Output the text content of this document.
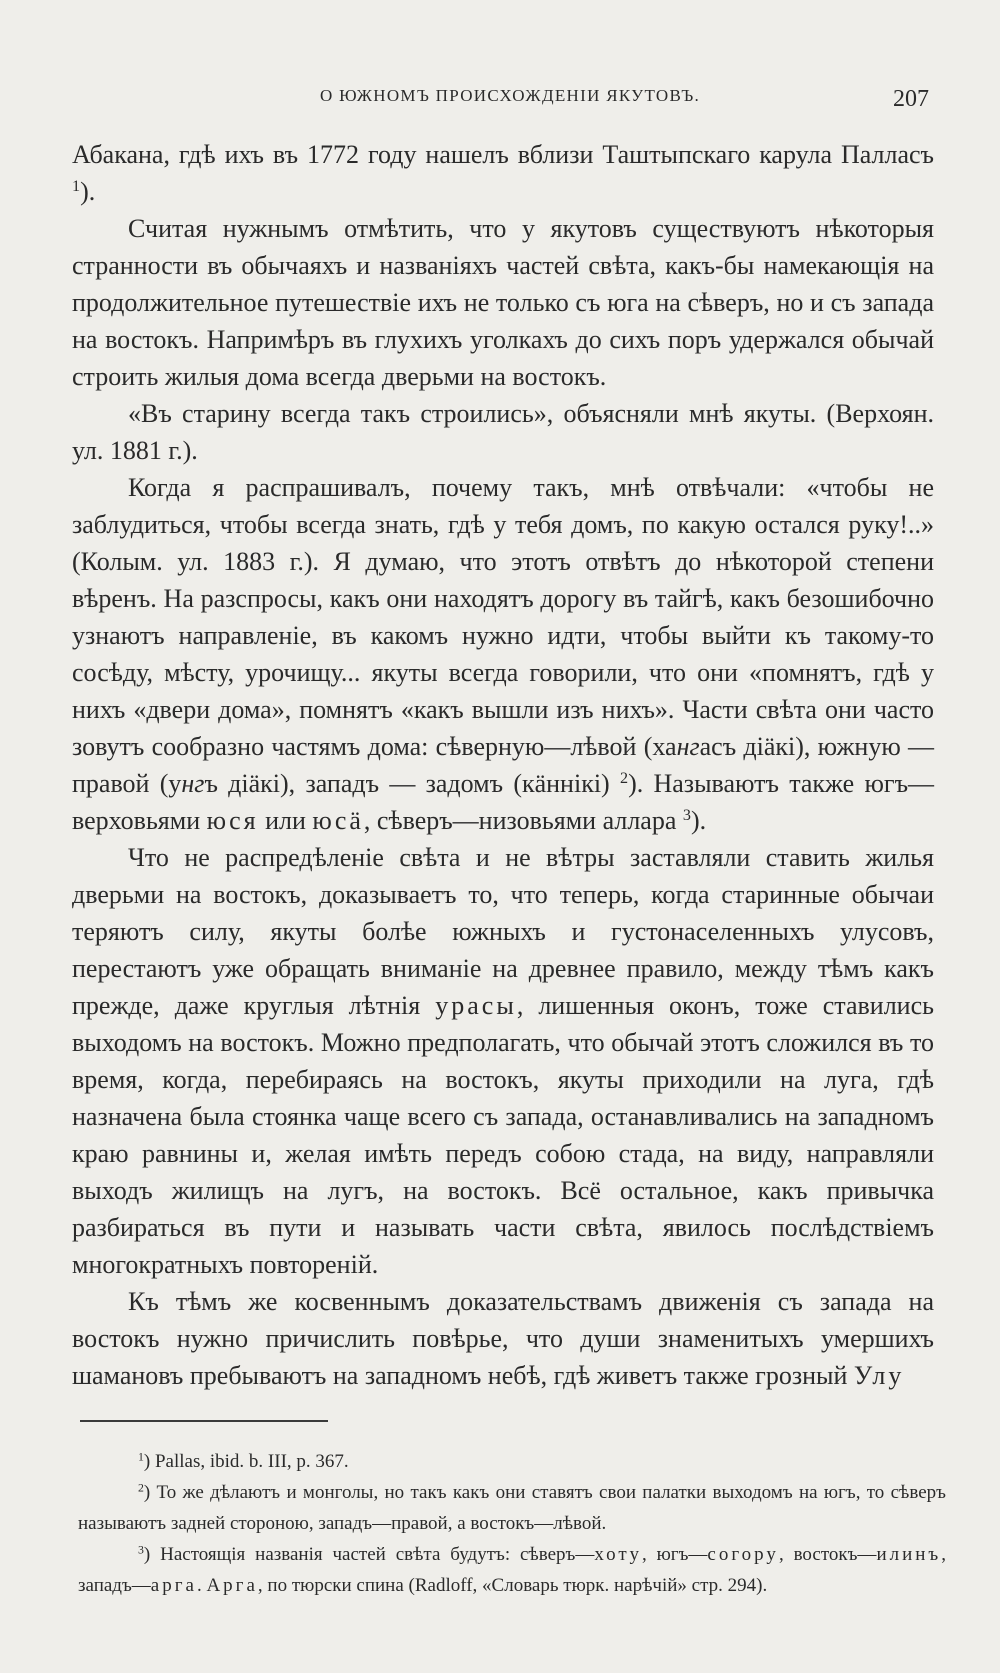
О ЮЖНОМЪ ПРОИСХОЖДЕНІИ ЯКУТОВЪ.	207

Абакана, гдѣ ихъ въ 1772 году нашелъ вблизи Таштыпскаго карула Палласъ $^1$).

Считая нужнымъ отмѣтить, что у якутовъ существуютъ нѣкоторыя странности въ обычаяхъ и названіяхъ частей свѣта, какъ-бы намекающія на продолжительное путешествіе ихъ не только съ юга на сѣверъ, но и съ запада на востокъ. Напримѣръ въ глухихъ уголкахъ до сихъ поръ удержался обычай строить жилыя дома всегда дверьми на востокъ.

«Въ старину всегда такъ строились», объясняли мнѣ якуты. (Верхоян. ул. 1881 г.).

Когда я распрашивалъ, почему такъ, мнѣ отвѣчали: «чтобы не заблудиться, чтобы всегда знать, гдѣ у тебя домъ, по какую остался руку!..» (Колым. ул. 1883 г.). Я думаю, что этотъ отвѣтъ до нѣкоторой степени вѣренъ. На разспросы, какъ они находятъ дорогу въ тайгѣ, какъ безошибочно узнаютъ направленіе, въ какомъ нужно идти, чтобы выйти къ такому-то сосѣду, мѣсту, урочищу... якуты всегда говорили, что они «помнятъ, гдѣ у нихъ «двери дома», помнятъ «какъ вышли изъ нихъ». Части свѣта они часто зовутъ сообразно частямъ дома: сѣверную—лѣвой (хангасъ діäкi), южную — правой (унгъ діäкi), западъ — задомъ (кäннiкi) $^2$). Называютъ также югъ—верховьями юся или юсä, сѣверъ—низовьями аллара $^3$).

Что не распредѣленіе свѣта и не вѣтры заставляли ставить жилья дверьми на востокъ, доказываетъ то, что теперь, когда старинные обычаи теряютъ силу, якуты болѣе южныхъ и густонаселенныхъ улусовъ, перестаютъ уже обращать вниманіе на древнее правило, между тѣмъ какъ прежде, даже круглыя лѣтнія урасы, лишенныя оконъ, тоже ставились выходомъ на востокъ. Можно предполагать, что обычай этотъ сложился въ то время, когда, перебираясь на востокъ, якуты приходили на луга, гдѣ назначена была стоянка чаще всего съ запада, останавливались на западномъ краю равнины и, желая имѣть передъ собою стада, на виду, направляли выходъ жилищъ на лугъ, на востокъ. Всё остальное, какъ привычка разбираться въ пути и называть части свѣта, явилось послѣдствіемъ многократныхъ повтореній.

Къ тѣмъ же косвеннымъ доказательствамъ движенія съ запада на востокъ нужно причислить повѣрье, что души знаменитыхъ умершихъ шамановъ пребываютъ на западномъ небѣ, гдѣ живетъ также грозный Улу

$^1$) Pallas, ibid. b. III, p. 367.

$^2$) То же дѣлаютъ и монголы, но такъ какъ они ставятъ свои палатки выходомъ на югъ, то сѣверъ называютъ задней стороною, западъ—правой, а востокъ—лѣвой.

$^3$) Настоящія названія частей свѣта будутъ: сѣверъ—хоту, югъ—согору, востокъ—илинъ, западъ—арга. Арга, по тюрски спина (Radloff, «Словарь тюрк. нарѣчій» стр. 294).
